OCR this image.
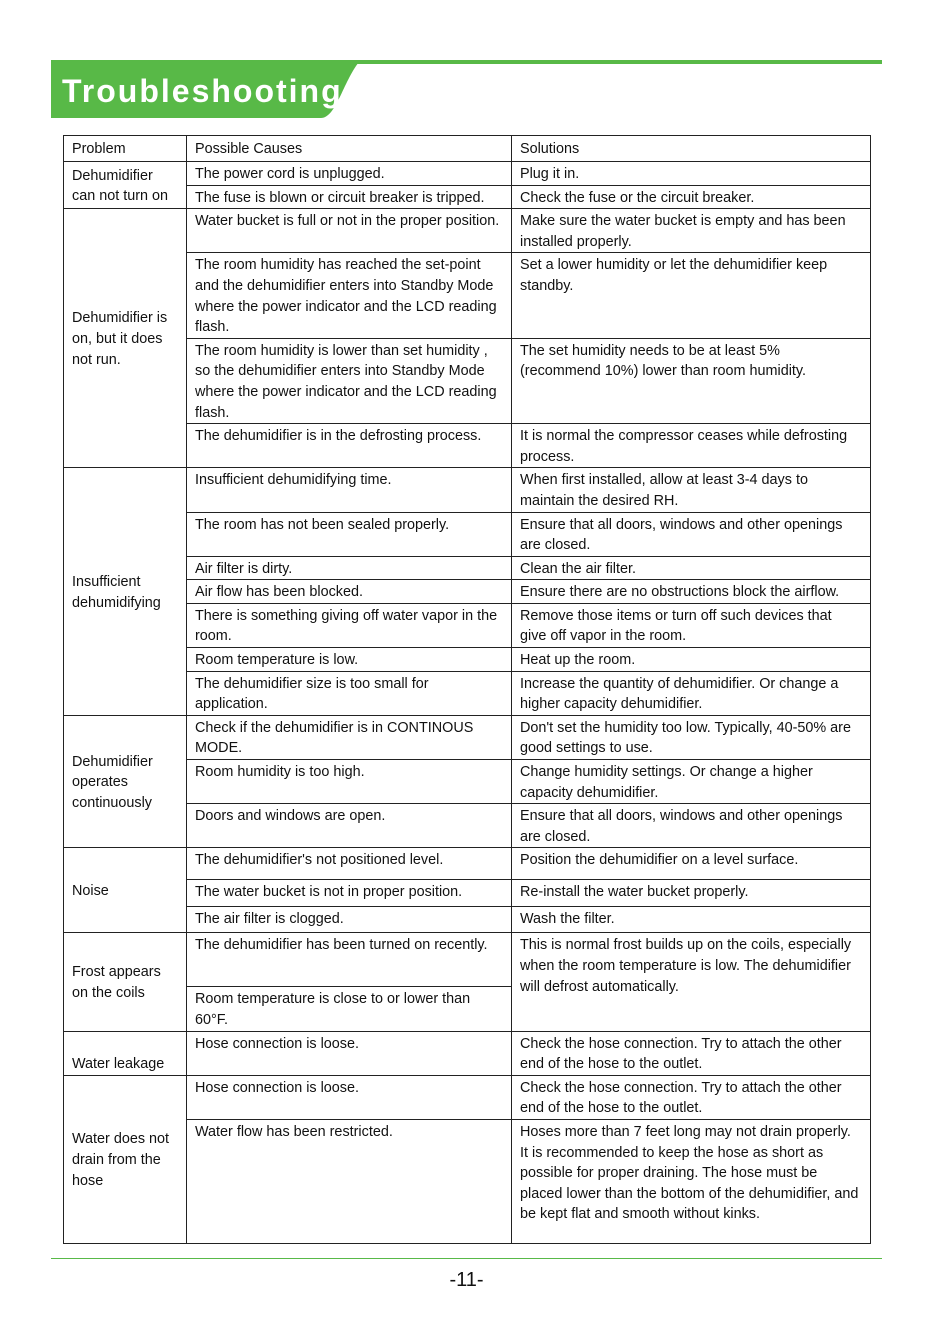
Troubleshooting
Problem	Possible Causes	Solutions
Dehumidifier can not turn on	The power cord is unplugged.	Plug it in.
	The fuse is blown or circuit breaker is tripped.	Check the fuse or the circuit breaker.
Dehumidifier is on, but it does not run.	Water bucket is full or not in the proper position.	Make sure the water bucket is empty and has been installed properly.
	The room humidity has reached the set-point and the dehumidifier enters into Standby Mode where the power indicator and the LCD reading flash.	Set a lower humidity or let the dehumidifier keep standby.
	The room humidity is lower than set humidity , so the dehumidifier enters into Standby Mode where the power indicator and the LCD reading flash.	The set humidity needs to be at least 5% (recommend 10%) lower than room humidity.
	The dehumidifier is in the defrosting process.	It is normal the compressor ceases while defrosting process.
Insufficient dehumidifying	Insufficient dehumidifying time.	When first installed, allow at least 3-4 days to maintain the desired RH.
	The room has not been sealed properly.	Ensure that all doors, windows and other openings are closed.
	Air filter is dirty.	Clean the air filter.
	Air flow has been blocked.	Ensure there are no obstructions block the airflow.
	There is something giving off water vapor in the room.	Remove those items or turn off such devices that give off vapor in the room.
	Room temperature is low.	Heat up the room.
	The dehumidifier size is too small for application.	Increase the quantity of dehumidifier. Or change a higher capacity dehumidifier.
Dehumidifier operates continuously	Check if the dehumidifier is in CONTINOUS MODE.	Don't set the humidity too low. Typically, 40-50% are good settings to use.
	Room humidity is too high.	Change humidity settings. Or change a higher capacity dehumidifier.
	Doors and windows are open.	Ensure that all doors, windows and other openings are closed.
Noise	The dehumidifier's not positioned level.	Position the dehumidifier on a level surface.
	The water bucket is not in proper position.	Re-install the water bucket properly.
	The air filter is clogged.	Wash the filter.
Frost appears on the coils	The dehumidifier has been turned on recently.	This is normal frost builds up on the coils, especially when the room temperature is low. The dehumidifier will defrost automatically.
	Room temperature is close to or lower than 60°F.	
Water leakage	Hose connection is loose.	Check the hose connection. Try to attach the other end of the hose to the outlet.
Water does not drain from the hose	Hose connection is loose.	Check the hose connection. Try to attach the other end of the hose to the outlet.
	Water flow has been restricted.	Hoses more than 7 feet long may not drain properly. It is recommended to keep the hose as short as possible for proper draining. The hose must be placed lower than the bottom of the dehumidifier, and be kept flat and smooth without kinks.
-11-
